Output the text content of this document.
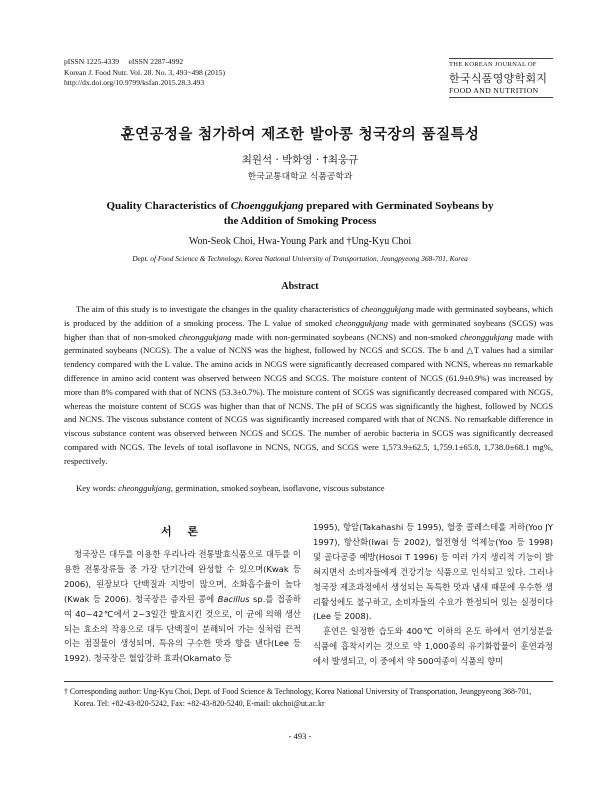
pISSN 1225-4339     eISSN 2287-4992
Korean J. Food Nutr. Vol. 28. No. 3, 493~498 (2015)
http://dx.doi.org/10.9799/ksfan.2015.28.3.493
THE KOREAN JOURNAL OF
한국식품영양학회지
FOOD AND NUTRITION
훈연공정을 첨가하여 제조한 발아콩 청국장의 품질특성
최원석 · 박화영 · †최웅규
한국교통대학교 식품공학과
Quality Characteristics of Choenggukjang prepared with Germinated Soybeans by
the Addition of Smoking Process
Won-Seok Choi, Hwa-Young Park and †Ung-Kyu Choi
Dept. of Food Science & Technology, Korea National University of Transportation, Jeungpyeong 368-701, Korea
Abstract

The aim of this study is to investigate the changes in the quality characteristics of cheonggukjang made with germinated soybeans, which is produced by the addition of a smoking process. The L value of smoked cheonggukjang made with germinated soybeans (SCGS) was higher than that of non-smoked cheonggukjang made with non-germinated soybeans (NCNS) and non-smoked cheonggukjang made with germinated soybeans (NCGS). The a value of NCNS was the highest, followed by NCGS and SCGS. The b and △T values had a similar tendency compared with the L value. The amino acids in NCGS were significantly decreased compared with NCNS, whereas no remarkable difference in amino acid content was observed between NCGS and SCGS. The moisture content of NCGS (61.9±0.9%) was increased by more than 8% compared with that of NCNS (53.3±0.7%). The moisture content of SCGS was significantly decreased compared with NCGS, whereas the moisture content of SCGS was higher than that of NCNS. The pH of SCGS was significantly the highest, followed by NCGS and NCNS. The viscous substance content of NCGS was significantly increased compared with that of NCNS. No remarkable difference in viscous substance content was observed between NCGS and SCGS. The number of aerobic bacteria in SCGS was significantly decreased compared with NCGS. The levels of total isoflavone in NCNS, NCGS, and SCGS were 1,573.9±62.5, 1,759.1±65.8, 1,738.0±68.1 mg%, respectively.

Key words: cheonggukjang, germination, smoked soybean, isoflavone, viscous substance
서 론

청국장은 대두를 이용한 우리나라 전통발효식품으로 대두를 이용한 전통장류들 중 가장 단기간에 완성할 수 있으며(Kwak 등 2006), 된장보다 단백질과 지방이 많으며, 소화흡수율이 높다(Kwak 등 2006). 청국장은 증자된 콩에 Bacillus sp.를 접종하여 40~42℃에서 2~3일간 발효시킨 것으로, 이 균에 의해 생산되는 효소의 작용으로 대두 단백질이 분해되어 가는 실처럼 끈적이는 점질물이 생성되며, 특유의 구수한 맛과 향을 낸다(Lee 등 1992). 청국장은 혈압강하 효과(Okamato 등

1995), 항암(Takahashi 등 1995), 혈중 콜레스테롤 저하(Yoo JY 1997), 항산화(Iwai 등 2002), 혈전형성 억제능(Yoo 등 1998) 및 골다공증 예방(Hosoi T 1996) 등 여러 가지 생리적 기능이 밝혀지면서 소비자들에게 건강기능 식품으로 인식되고 있다. 그러나 청국장 제조과정에서 생성되는 독특한 맛과 냄새 때문에 우수한 생리활성에도 불구하고, 소비자들의 수요가 한정되어 있는 실정이다(Lee 등 2008).

훈연은 일정한 습도와 400℃ 이하의 온도 하에서 연기성분을 식품에 흡착시키는 것으로 약 1,000종의 유기화합물이 훈연과정에서 발생되고, 이 중에서 약 500여종이 식품의 향미

† Corresponding author: Ung-Kyu Choi, Dept. of Food Science & Technology, Korea National University of Transportation, Jeungpyeong 368-701, Korea. Tel: +82-43-820-5242, Fax: +82-43-820-5240, E-mail: ukchoi@ut.ac.kr

- 493 -
